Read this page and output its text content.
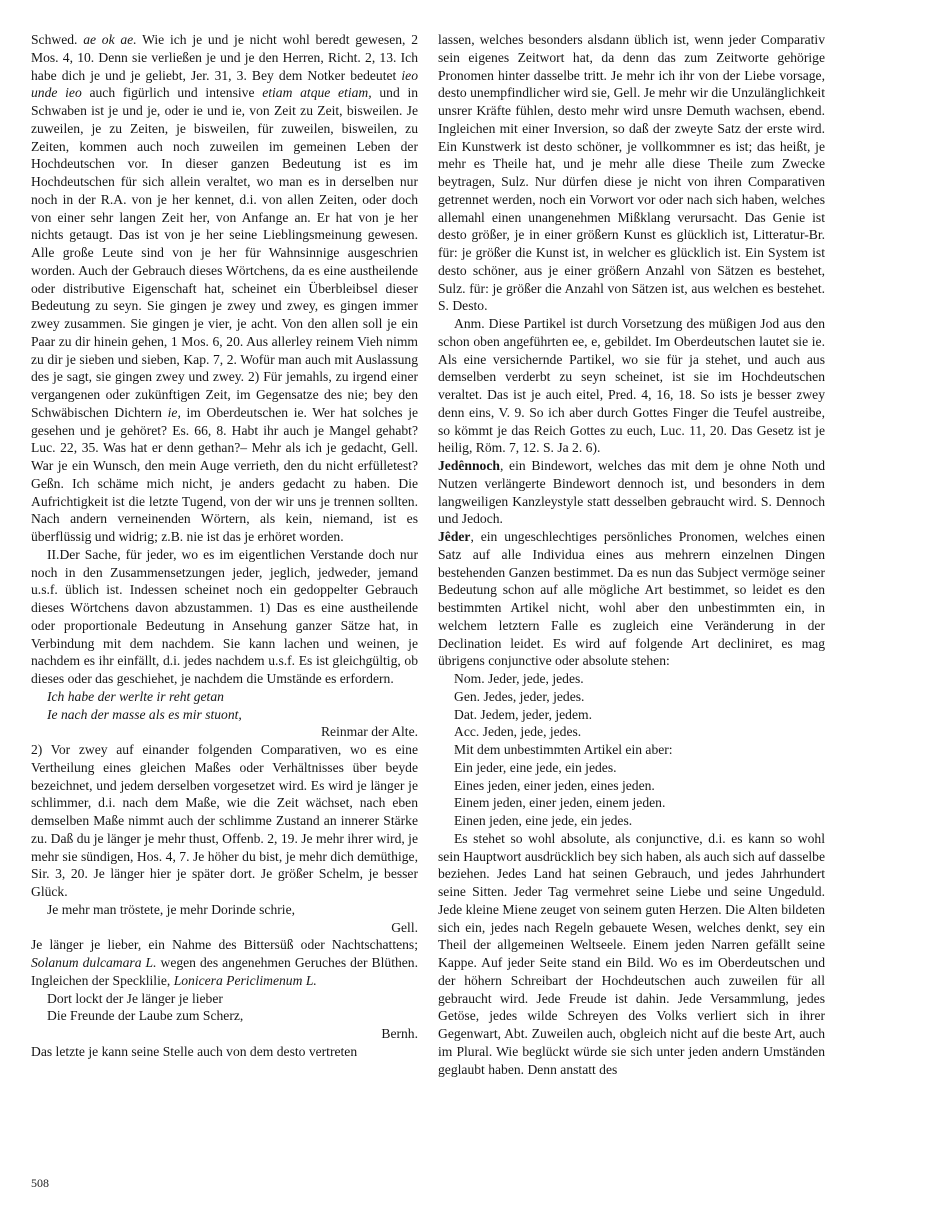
Schwed. ae ok ae. Wie ich je und je nicht wohl beredt gewesen, 2 Mos. 4, 10. Denn sie verließen je und je den Herren, Richt. 2, 13. Ich habe dich je und je geliebt, Jer. 31, 3. Bey dem Notker bedeutet ieo unde ieo auch figürlich und intensive etiam atque etiam, und in Schwaben ist je und je, oder ie und ie, von Zeit zu Zeit, bisweilen. Je zuweilen, je zu Zeiten, je bisweilen, für zuweilen, bisweilen, zu Zeiten, kommen auch noch zuweilen im gemeinen Leben der Hochdeutschen vor. In dieser ganzen Bedeutung ist es im Hochdeutschen für sich allein veraltet, wo man es in derselben nur noch in der R.A. von je her kennet, d.i. von allen Zeiten, oder doch von einer sehr langen Zeit her, von Anfange an. Er hat von je her nichts getaugt. Das ist von je her seine Lieblingsmeinung gewesen. Alle große Leute sind von je her für Wahnsinnige ausgeschrien worden. Auch der Gebrauch dieses Wörtchens, da es eine austheilende oder distributive Eigenschaft hat, scheinet ein Überbleibsel dieser Bedeutung zu seyn. Sie gingen je zwey und zwey, es gingen immer zwey zusammen. Sie gingen je vier, je acht. Von den allen soll je ein Paar zu dir hinein gehen, 1 Mos. 6, 20. Aus allerley reinem Vieh nimm zu dir je sieben und sieben, Kap. 7, 2. Wofür man auch mit Auslassung des je sagt, sie gingen zwey und zwey. 2) Für jemahls, zu irgend einer vergangenen oder zukünftigen Zeit, im Gegensatze des nie; bey den Schwäbischen Dichtern ie, im Oberdeutschen ie. Wer hat solches je gesehen und je gehöret? Es. 66, 8. Habt ihr auch je Mangel gehabt? Luc. 22, 35. Was hat er denn gethan?– Mehr als ich je gedacht, Gell. War je ein Wunsch, den mein Auge verrieth, den du nicht erfülletest? Geßn. Ich schäme mich nicht, je anders gedacht zu haben. Die Aufrichtigkeit ist die letzte Tugend, von der wir uns je trennen sollten. Nach andern verneinenden Wörtern, als kein, niemand, ist es überflüssig und widrig; z.B. nie ist das je erhöret worden.

II.Der Sache, für jeder, wo es im eigentlichen Verstande doch nur noch in den Zusammensetzungen jeder, jeglich, jedweder, jemand u.s.f. üblich ist. Indessen scheinet noch ein gedoppelter Gebrauch dieses Wörtchens davon abzustammen. 1) Das es eine austheilende oder proportionale Bedeutung in Ansehung ganzer Sätze hat, in Verbindung mit dem nachdem. Sie kann lachen und weinen, je nachdem es ihr einfällt, d.i. jedes nachdem u.s.f. Es ist gleichgültig, ob dieses oder das geschiehet, je nachdem die Umstände es erfordern.

Ich habe der werlte ir reht getan

Ie nach der masse als es mir stuont,

Reinmar der Alte.

2) Vor zwey auf einander folgenden Comparativen, wo es eine Vertheilung eines gleichen Maßes oder Verhältnisses über beyde bezeichnet, und jedem derselben vorgesetzet wird. Es wird je länger je schlimmer, d.i. nach dem Maße, wie die Zeit wächset, nach eben demselben Maße nimmt auch der schlimme Zustand an innerer Stärke zu. Daß du je länger je mehr thust, Offenb. 2, 19. Je mehr ihrer wird, je mehr sie sündigen, Hos. 4, 7. Je höher du bist, je mehr dich demüthige, Sir. 3, 20. Je länger hier je später dort. Je größer Schelm, je besser Glück.

Je mehr man tröstete, je mehr Dorinde schrie,

Gell.

Je länger je lieber, ein Nahme des Bittersüß oder Nachtschattens; Solanum dulcamara L. wegen des angenehmen Geruches der Blüthen. Ingleichen der Specklilie, Lonicera Periclimenum L.

Dort lockt der Je länger je lieber

Die Freunde der Laube zum Scherz,

Bernh.

Das letzte je kann seine Stelle auch von dem desto vertreten

lassen, welches besonders alsdann üblich ist, wenn jeder Comparativ sein eigenes Zeitwort hat, da denn das zum Zeitworte gehörige Pronomen hinter dasselbe tritt. Je mehr ich ihr von der Liebe vorsage, desto unempfindlicher wird sie, Gell. Je mehr wir die Unzulänglichkeit unsrer Kräfte fühlen, desto mehr wird unsre Demuth wachsen, ebend. Ingleichen mit einer Inversion, so daß der zweyte Satz der erste wird. Ein Kunstwerk ist desto schöner, je vollkommner es ist; das heißt, je mehr es Theile hat, und je mehr alle diese Theile zum Zwecke beytragen, Sulz. Nur dürfen diese je nicht von ihren Comparativen getrennet werden, noch ein Vorwort vor oder nach sich haben, welches allemahl einen unangenehmen Mißklang verursacht. Das Genie ist desto größer, je in einer größern Kunst es glücklich ist, Litteratur-Br. für: je größer die Kunst ist, in welcher es glücklich ist. Ein System ist desto schöner, aus je einer größern Anzahl von Sätzen es bestehet, Sulz. für: je größer die Anzahl von Sätzen ist, aus welchen es bestehet. S. Desto.

Anm. Diese Partikel ist durch Vorsetzung des müßigen Jod aus den schon oben angeführten ee, e, gebildet. Im Oberdeutschen lautet sie ie. Als eine versichernde Partikel, wo sie für ja stehet, und auch aus demselben verderbt zu seyn scheinet, ist sie im Hochdeutschen veraltet. Das ist je auch eitel, Pred. 4, 16, 18. So ists je besser zwey denn eins, V. 9. So ich aber durch Gottes Finger die Teufel austreibe, so kömmt je das Reich Gottes zu euch, Luc. 11, 20. Das Gesetz ist je heilig, Röm. 7, 12. S. Ja 2. 6).

Jedênnoch, ein Bindewort, welches das mit dem je ohne Noth und Nutzen verlängerte Bindewort dennoch ist, und besonders in dem langweiligen Kanzleystyle statt desselben gebraucht wird. S. Dennoch und Jedoch.

Jêder, ein ungeschlechtiges persönliches Pronomen, welches einen Satz auf alle Individua eines aus mehrern einzelnen Dingen bestehenden Ganzen bestimmet. Da es nun das Subject vermöge seiner Bedeutung schon auf alle mögliche Art bestimmet, so leidet es den bestimmten Artikel nicht, wohl aber den unbestimmten ein, in welchem letztern Falle es zugleich eine Veränderung in der Declination leidet. Es wird auf folgende Art decliniret, es mag übrigens conjunctive oder absolute stehen:

Nom. Jeder, jede, jedes.

Gen. Jedes, jeder, jedes.

Dat. Jedem, jeder, jedem.

Acc. Jeden, jede, jedes.

Mit dem unbestimmten Artikel ein aber:

Ein jeder, eine jede, ein jedes.

Eines jeden, einer jeden, eines jeden.

Einem jeden, einer jeden, einem jeden.

Einen jeden, eine jede, ein jedes.

Es stehet so wohl absolute, als conjunctive, d.i. es kann so wohl sein Hauptwort ausdrücklich bey sich haben, als auch sich auf dasselbe beziehen. Jedes Land hat seinen Gebrauch, und jedes Jahrhundert seine Sitten. Jeder Tag vermehret seine Liebe und seine Ungeduld. Jede kleine Miene zeuget von seinem guten Herzen. Die Alten bildeten sich ein, jedes nach Regeln gebauete Wesen, welches denkt, sey ein Theil der allgemeinen Weltseele. Einem jeden Narren gefällt seine Kappe. Auf jeder Seite stand ein Bild. Wo es im Oberdeutschen und der höhern Schreibart der Hochdeutschen auch zuweilen für all gebraucht wird. Jede Freude ist dahin. Jede Versammlung, jedes Getöse, jedes wilde Schreyen des Volks verliert sich in ihrer Gegenwart, Abt. Zuweilen auch, obgleich nicht auf die beste Art, auch im Plural. Wie beglückt würde sie sich unter jeden andern Umständen geglaubt haben. Denn anstatt des

508
